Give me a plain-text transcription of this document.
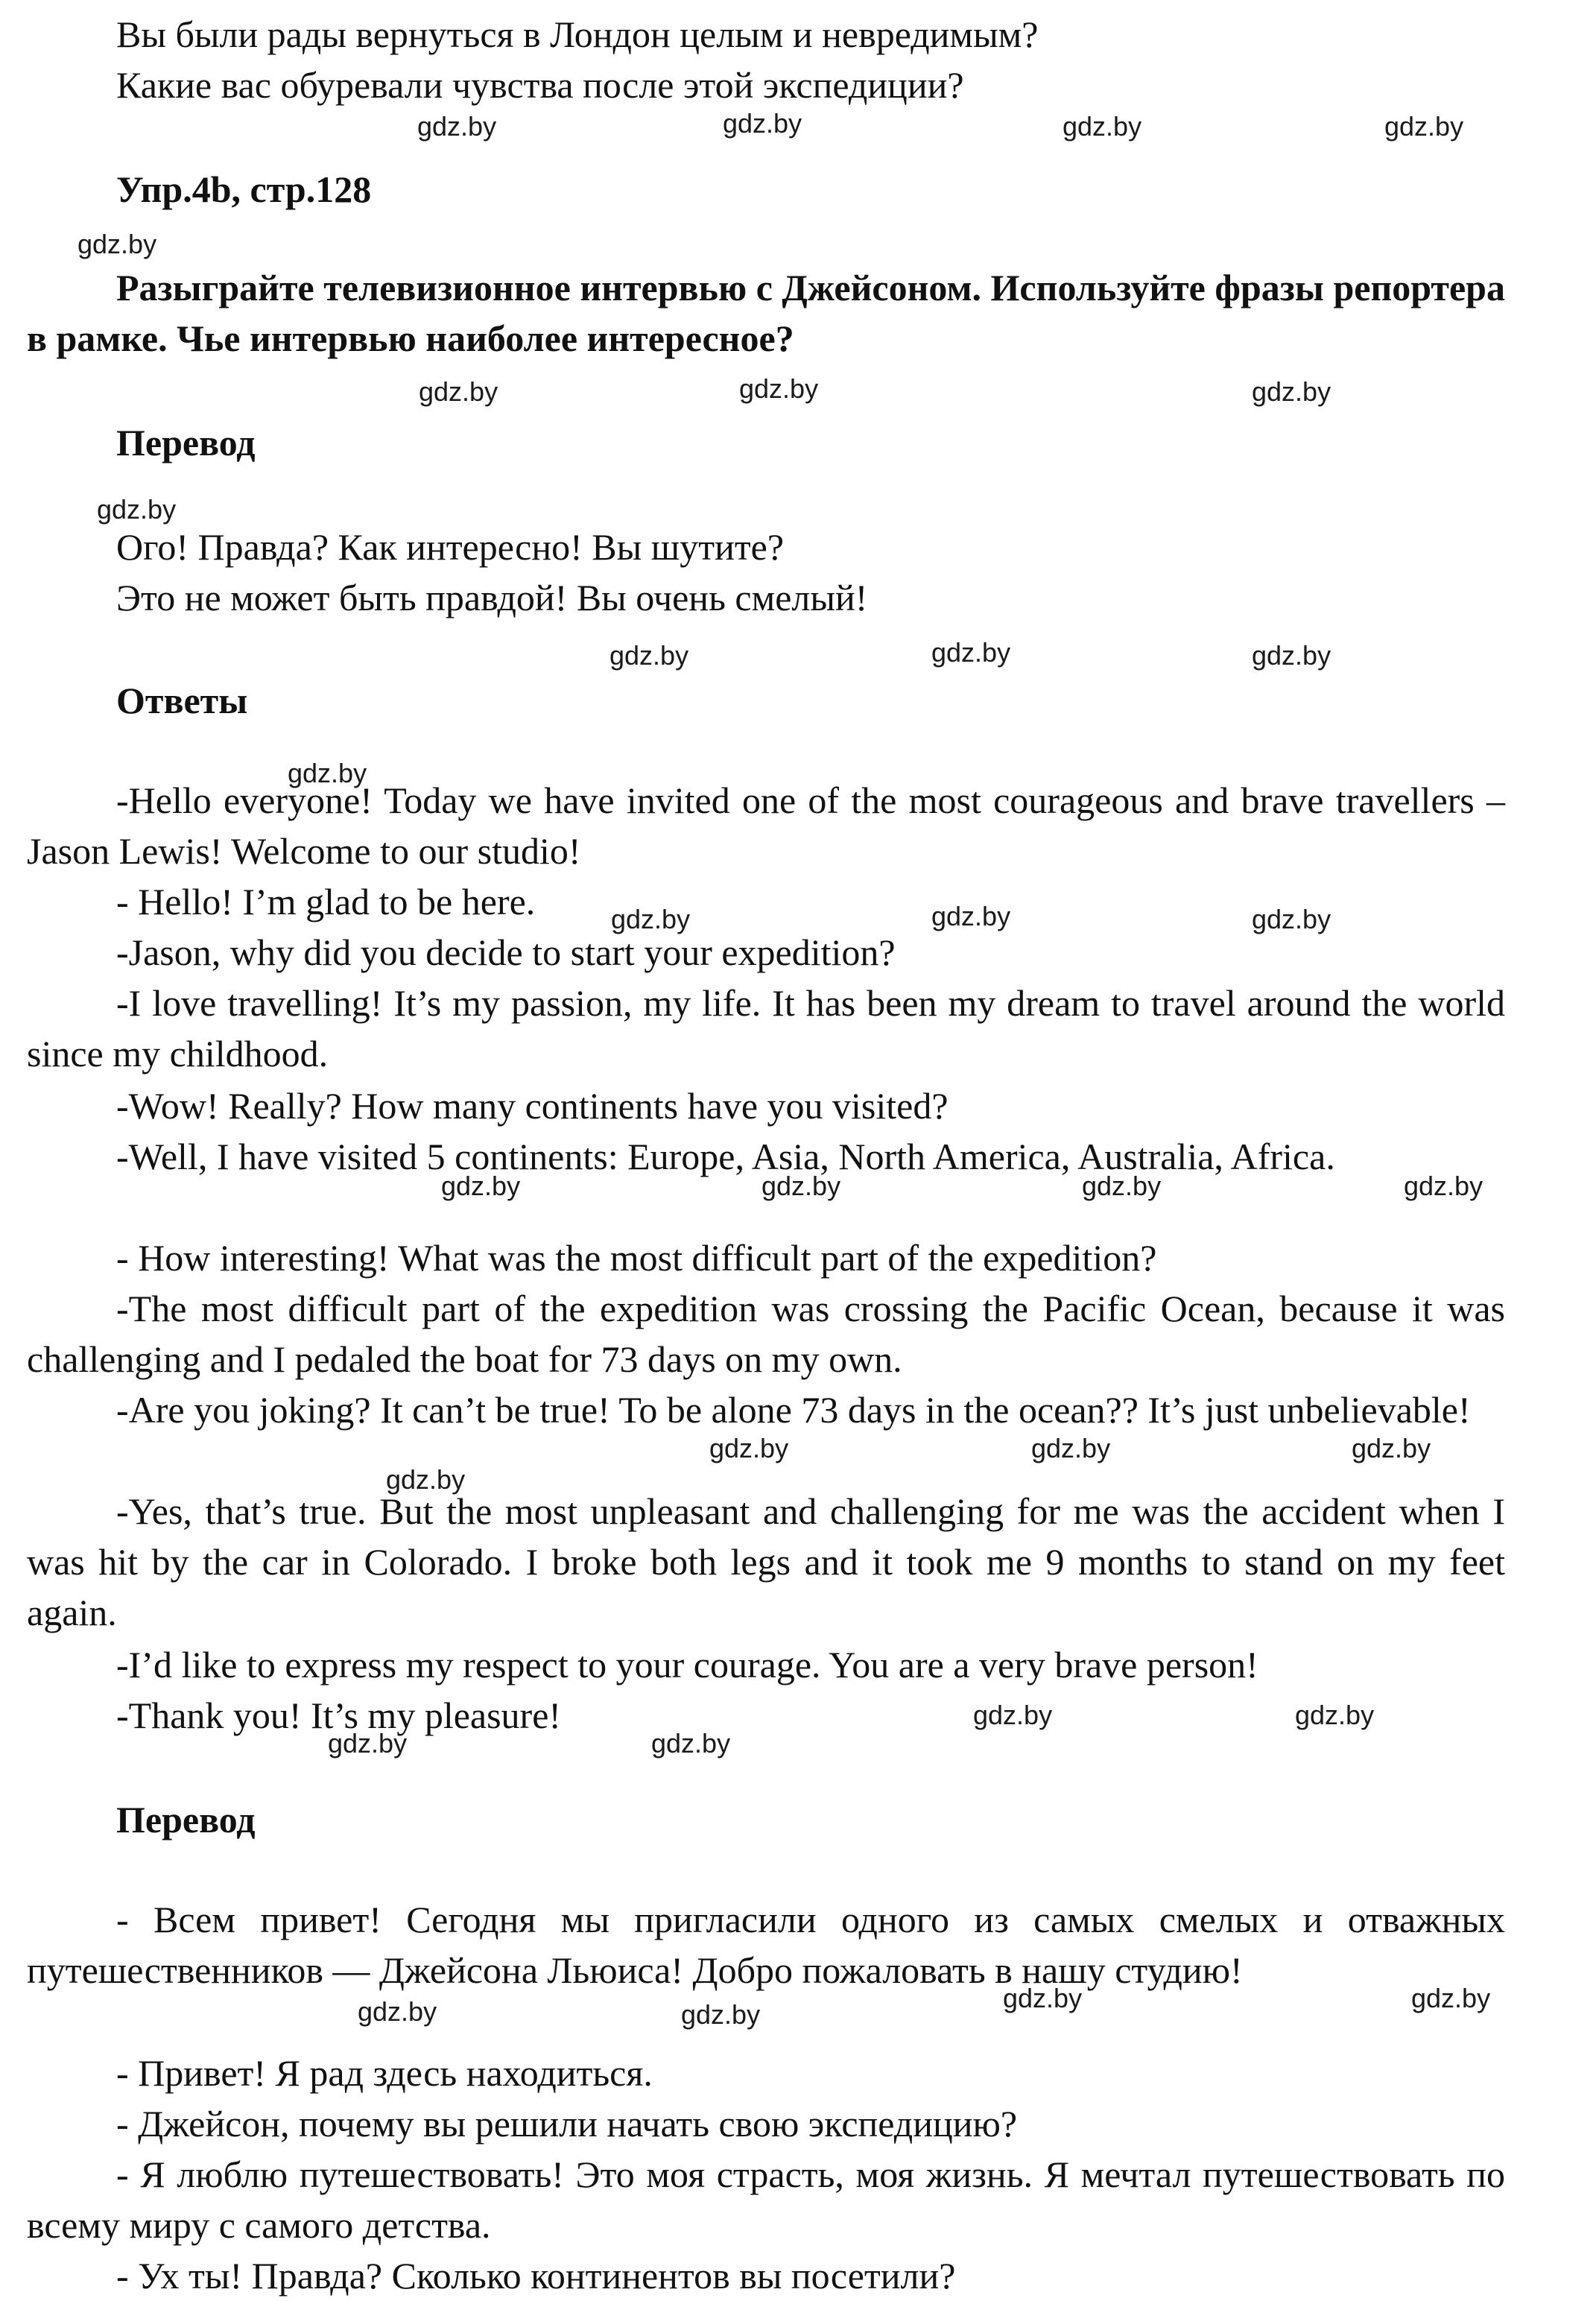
Вы были рады вернуться в Лондон целым и невредимым?

Какие вас обуревали чувства после этой экспедиции?

Упр.4b, стр.128

Разыграйте телевизионное интервью с Джейсоном. Используйте фразы репортера в рамке. Чье интервью наиболее интересное?

Перевод

Ого! Правда? Как интересно! Вы шутите?

Это не может быть правдой! Вы очень смелый!

Ответы

-Hello everyone! Today we have invited one of the most courageous and brave travellers – Jason Lewis! Welcome to our studio!

- Hello! I’m glad to be here.

-Jason, why did you decide to start your expedition?

-I love travelling! It’s my passion, my life. It has been my dream to travel around the world since my childhood.

-Wow! Really? How many continents have you visited?

-Well, I have visited 5 continents: Europe, Asia, North America, Australia, Africa.

- How interesting! What was the most difficult part of the expedition?

-The most difficult part of the expedition was crossing the Pacific Ocean, because it was challenging and I pedaled the boat for 73 days on my own.

-Are you joking? It can’t be true! To be alone 73 days in the ocean?? It’s just unbelievable!

-Yes, that’s true. But the most unpleasant and challenging for me was the accident when I was hit by the car in Colorado. I broke both legs and it took me 9 months to stand on my feet again.

-I’d like to express my respect to your courage. You are a very brave person!

-Thank you! It’s my pleasure!

Перевод

- Всем привет! Сегодня мы пригласили одного из самых смелых и отважных путешественников — Джейсона Льюиса! Добро пожаловать в нашу студию!

- Привет! Я рад здесь находиться.

- Джейсон, почему вы решили начать свою экспедицию?

- Я люблю путешествовать! Это моя страсть, моя жизнь. Я мечтал путешествовать по всему миру с самого детства.

- Ух ты! Правда? Сколько континентов вы посетили?

gdz.by	gdz.by	gdz.by	gdz.by
gdz.by
gdz.by	gdz.by	gdz.by
gdz.by
gdz.by	gdz.by	gdz.by
gdz.by
gdz.by	gdz.by	gdz.by
gdz.by	gdz.by	gdz.by	gdz.by
gdz.by	gdz.by	gdz.by
gdz.by
gdz.by	gdz.by
gdz.by	gdz.by
gdz.by	gdz.by
gdz.by	gdz.by
